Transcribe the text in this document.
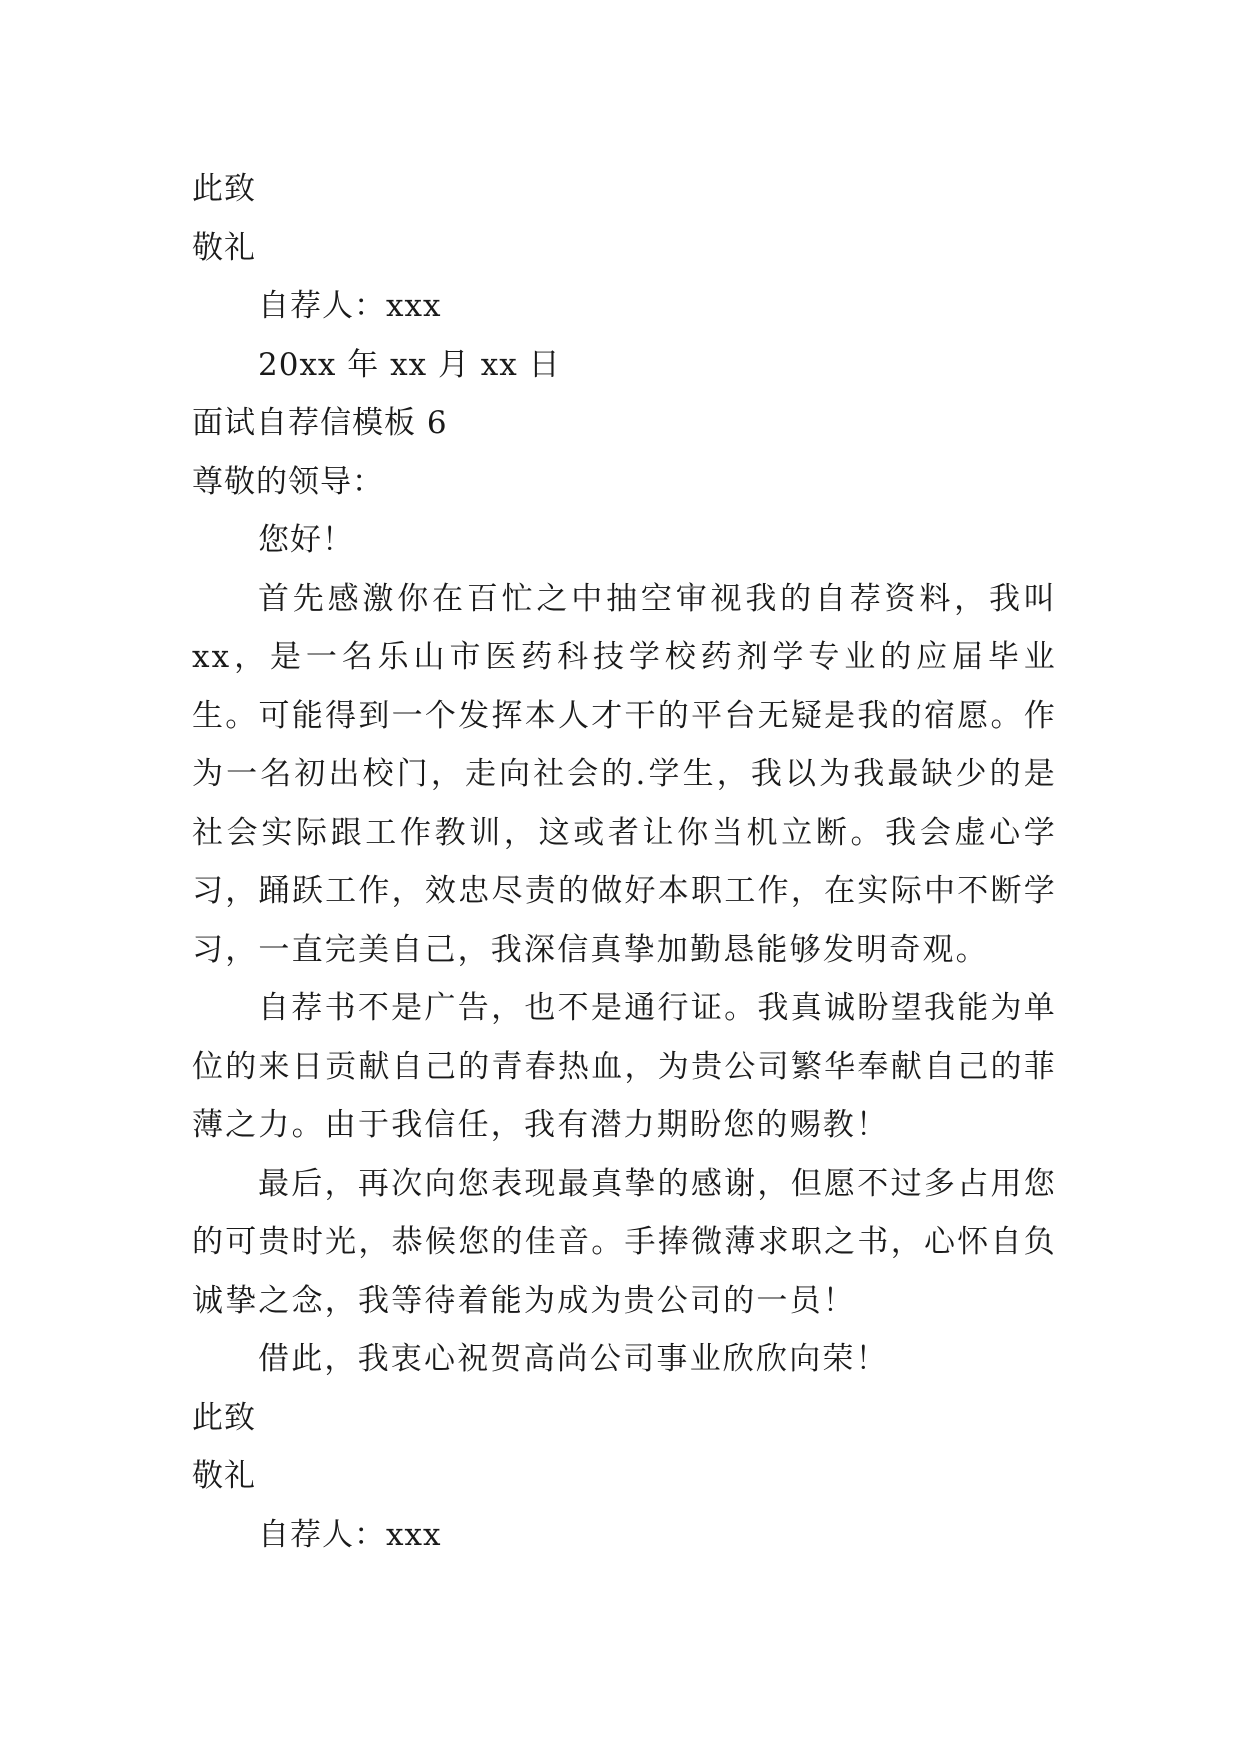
此致
敬礼
自荐人：xxx
20xx 年 xx 月 xx 日
面试自荐信模板 6
尊敬的领导：
您好！

首先感激你在百忙之中抽空审视我的自荐资料，我叫xx，是一名乐山市医药科技学校药剂学专业的应届毕业生。可能得到一个发挥本人才干的平台无疑是我的宿愿。作为一名初出校门，走向社会的.学生，我以为我最缺少的是社会实际跟工作教训，这或者让你当机立断。我会虚心学习，踊跃工作，效忠尽责的做好本职工作，在实际中不断学习，一直完美自己，我深信真挚加勤恳能够发明奇观。

自荐书不是广告，也不是通行证。我真诚盼望我能为单位的来日贡献自己的青春热血，为贵公司繁华奉献自己的菲薄之力。由于我信任，我有潜力期盼您的赐教！

最后，再次向您表现最真挚的感谢，但愿不过多占用您的可贵时光，恭候您的佳音。手捧微薄求职之书，心怀自负诚挚之念，我等待着能为成为贵公司的一员！

借此，我衷心祝贺高尚公司事业欣欣向荣！

此致
敬礼
自荐人：xxx
